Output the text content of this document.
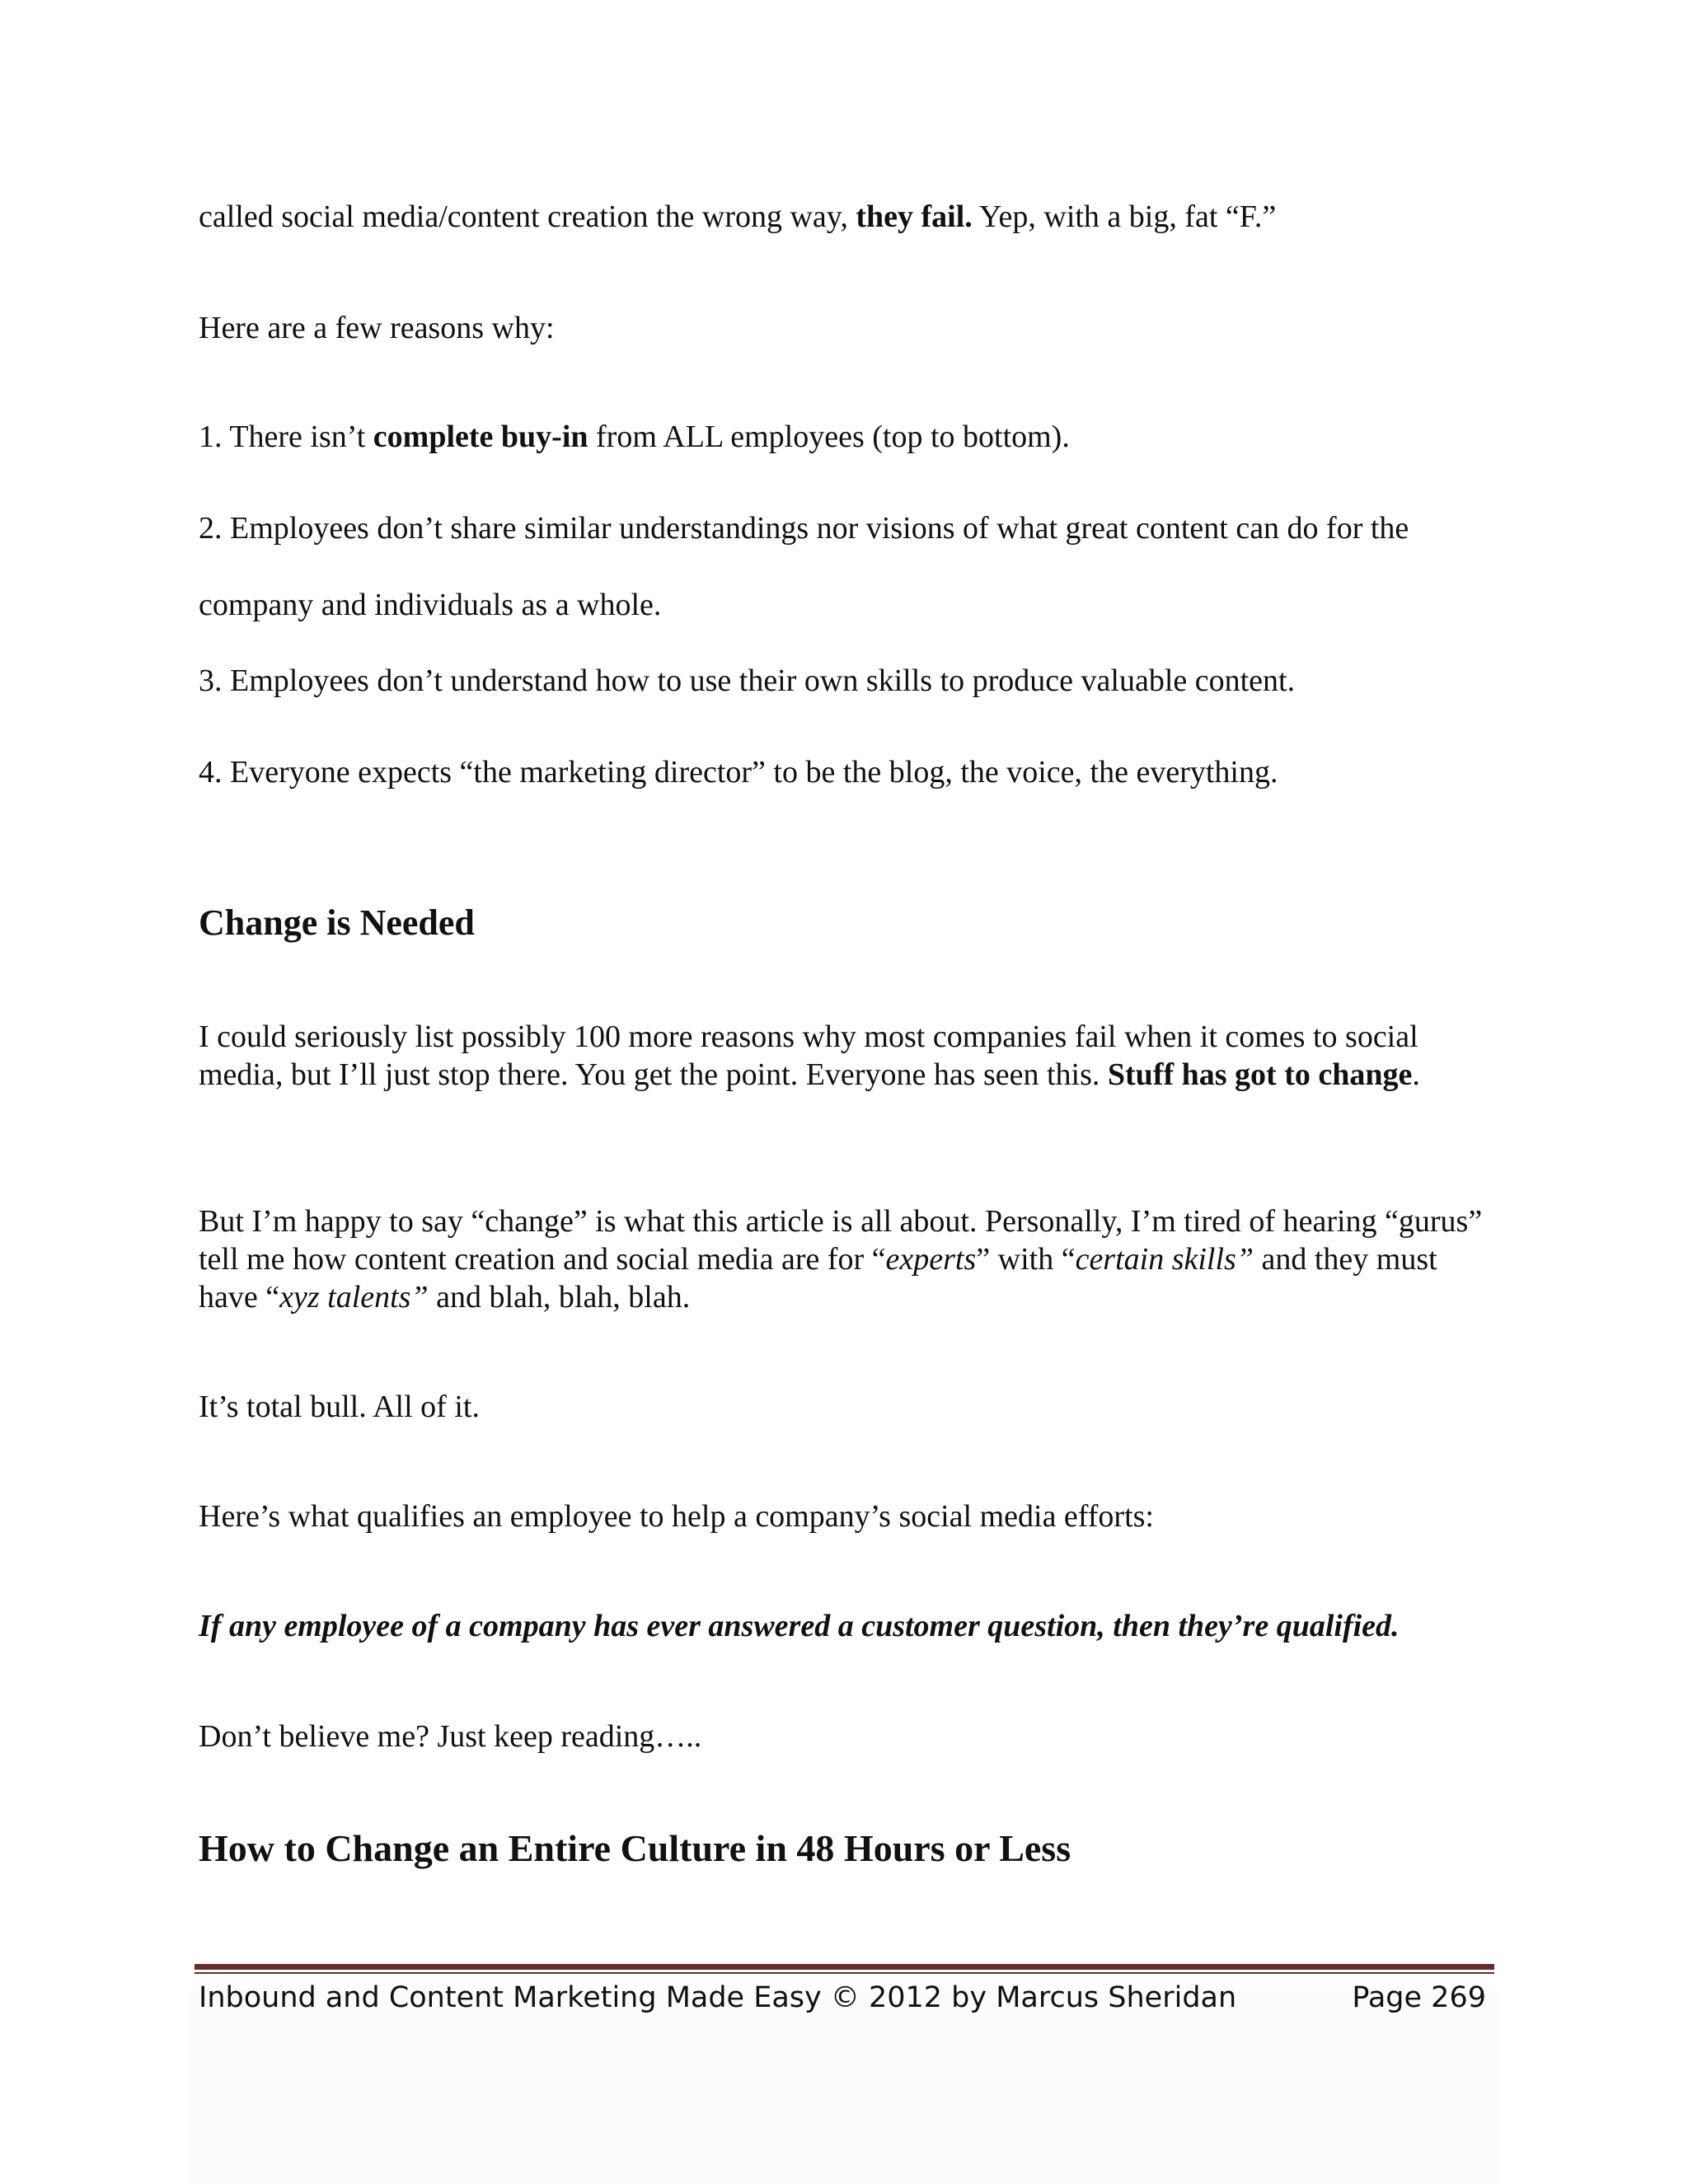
called social media/content creation the wrong way, they fail. Yep, with a big, fat “F.”

Here are a few reasons why:

1. There isn’t complete buy-in from ALL employees (top to bottom).

2. Employees don’t share similar understandings nor visions of what great content can do for the

company and individuals as a whole.

3. Employees don’t understand how to use their own skills to produce valuable content.

4. Everyone expects “the marketing director” to be the blog, the voice, the everything.

Change is Needed

I could seriously list possibly 100 more reasons why most companies fail when it comes to social media, but I’ll just stop there. You get the point. Everyone has seen this. Stuff has got to change.

But I’m happy to say “change” is what this article is all about. Personally, I’m tired of hearing “gurus” tell me how content creation and social media are for “experts” with “certain skills” and they must have “xyz talents” and blah, blah, blah.

It’s total bull. All of it.

Here’s what qualifies an employee to help a company’s social media efforts:

If any employee of a company has ever answered a customer question, then they’re qualified.

Don’t believe me? Just keep reading…..

How to Change an Entire Culture in 48 Hours or Less

Inbound and Content Marketing Made Easy © 2012 by Marcus Sheridan	Page 269
